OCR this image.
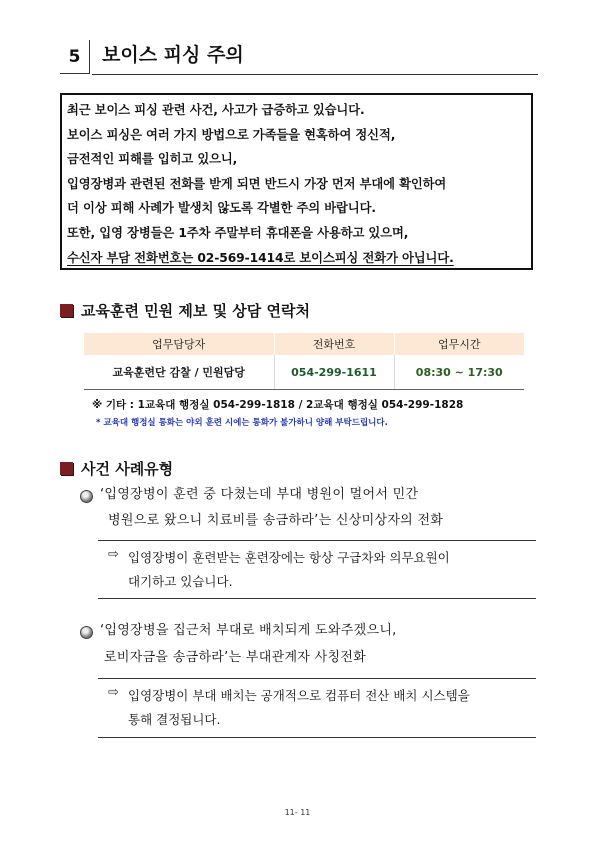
5	보이스 피싱 주의
최근 보이스 피싱 관련 사건, 사고가 급증하고 있습니다.
보이스 피싱은 여러 가지 방법으로 가족들을 현혹하여 정신적,
금전적인 피해를 입히고 있으니,
입영장병과 관련된 전화를 받게 되면 반드시 가장 먼저 부대에 확인하여
더 이상 피해 사례가 발생치 않도록 각별한 주의 바랍니다.
또한, 입영 장병들은 1주차 주말부터 휴대폰을 사용하고 있으며,
수신자 부담 전화번호는 02-569-1414로 보이스피싱 전화가 아닙니다.
교육훈련 민원 제보 및 상담 연락처
업무담당자	전화번호	업무시간
교육훈련단 감찰 / 민원담당	054-299-1611	08:30 ~ 17:30
※ 기타 : 1교육대 행정실 054-299-1818 / 2교육대 행정실 054-299-1828
* 교육대 행정실 통화는 야외 훈련 시에는 통화가 불가하니 양해 부탁드립니다.
사건 사례유형
‘입영장병이 훈련 중 다쳤는데 부대 병원이 멀어서 민간
병원으로 왔으니 치료비를 송금하라’는 신상미상자의 전화
⇨ 입영장병이 훈련받는 훈련장에는 항상 구급차와 의무요원이
대기하고 있습니다.
‘입영장병을 집근처 부대로 배치되게 도와주겠으니,
로비자금을 송금하라’는 부대관계자 사칭전화
⇨ 입영장병이 부대 배치는 공개적으로 컴퓨터 전산 배치 시스템을
통해 결정됩니다.
11- 11
